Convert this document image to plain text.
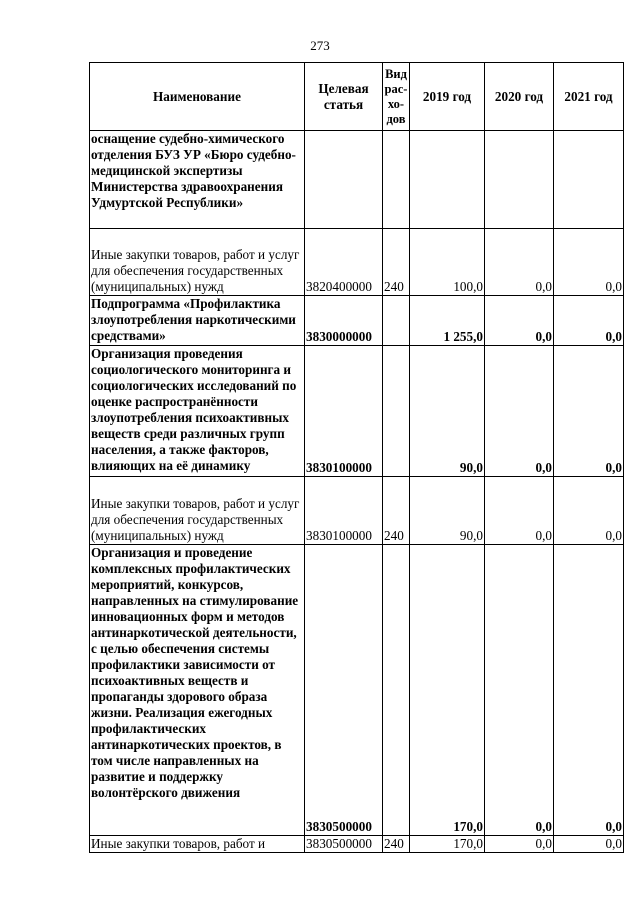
273
Наименование	Целевая статья	Вид рас-хо-дов	2019 год	2020 год	2021 год
оснащение судебно-химического отделения БУЗ УР «Бюро судебно-медицинской экспертизы Министерства здравоохранения Удмуртской Республики»					
Иные закупки товаров, работ и услуг для обеспечения государственных (муниципальных) нужд	3820400000	240	100,0	0,0	0,0
Подпрограмма «Профилактика злоупотребления наркотическими средствами»	3830000000		1 255,0	0,0	0,0
Организация проведения социологического мониторинга и социологических исследований по оценке распространённости злоупотребления психоактивных веществ среди различных групп населения, а также факторов, влияющих на её динамику	3830100000		90,0	0,0	0,0
Иные закупки товаров, работ и услуг для обеспечения государственных (муниципальных) нужд	3830100000	240	90,0	0,0	0,0
Организация и проведение комплексных профилактических мероприятий, конкурсов, направленных на стимулирование инновационных форм и методов антинаркотической деятельности, с целью обеспечения системы профилактики зависимости от психоактивных веществ и пропаганды здорового образа жизни. Реализация ежегодных профилактических антинаркотических проектов, в том числе направленных на развитие и поддержку волонтёрского движения	3830500000		170,0	0,0	0,0
Иные закупки товаров, работ и	3830500000	240	170,0	0,0	0,0
